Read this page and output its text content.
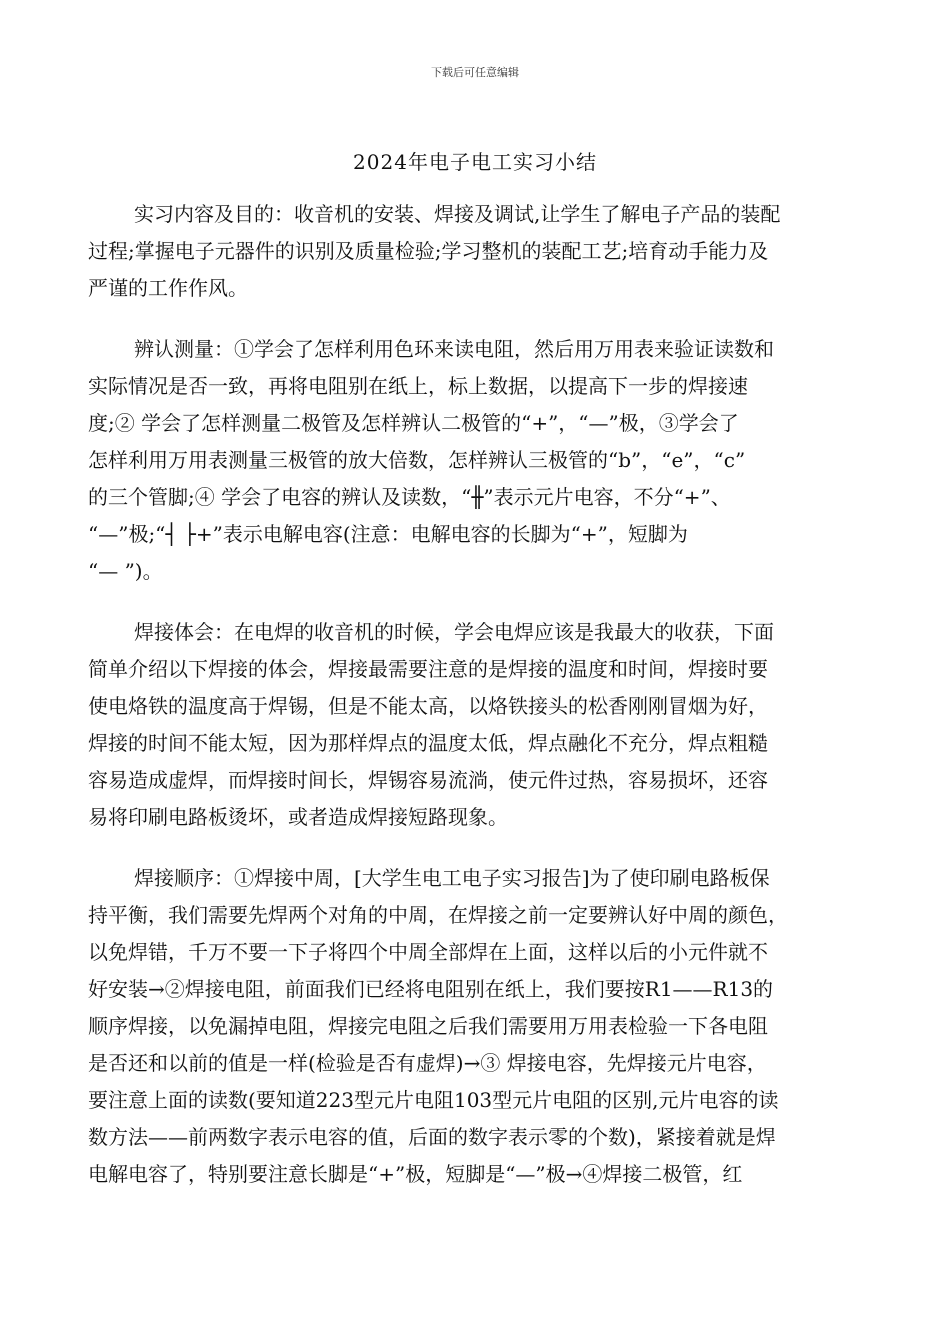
下载后可任意编辑
2024年电子电工实习小结
实习内容及目的：收音机的安装、焊接及调试,让学生了解电子产品的装配
过程;掌握电子元器件的识别及质量检验;学习整机的装配工艺;培育动手能力及
严谨的工作作风。
辨认测量：①学会了怎样利用色环来读电阻，然后用万用表来验证读数和
实际情况是否一致，再将电阻别在纸上，标上数据，以提高下一步的焊接速
度;② 学会了怎样测量二极管及怎样辨认二极管的“+”，“—”极，③学会了
怎样利用万用表测量三极管的放大倍数，怎样辨认三极管的“b”，“e”，“c”
的三个管脚;④ 学会了电容的辨认及读数，“╫”表示元片电容，不分“+”、
“—”极;“┤ ├+”表示电解电容(注意：电解电容的长脚为“+”，短脚为
“— ”)。
焊接体会：在电焊的收音机的时候，学会电焊应该是我最大的收获，下面
简单介绍以下焊接的体会，焊接最需要注意的是焊接的温度和时间，焊接时要
使电烙铁的温度高于焊锡，但是不能太高，以烙铁接头的松香刚刚冒烟为好，
焊接的时间不能太短，因为那样焊点的温度太低，焊点融化不充分，焊点粗糙
容易造成虚焊，而焊接时间长，焊锡容易流淌，使元件过热，容易损坏，还容
易将印刷电路板烫坏，或者造成焊接短路现象。
焊接顺序：①焊接中周，[大学生电工电子实习报告]为了使印刷电路板保
持平衡，我们需要先焊两个对角的中周，在焊接之前一定要辨认好中周的颜色，
以免焊错，千万不要一下子将四个中周全部焊在上面，这样以后的小元件就不
好安装→②焊接电阻，前面我们已经将电阻别在纸上，我们要按R1——R13的
顺序焊接，以免漏掉电阻，焊接完电阻之后我们需要用万用表检验一下各电阻
是否还和以前的值是一样(检验是否有虚焊)→③ 焊接电容，先焊接元片电容，
要注意上面的读数(要知道223型元片电阻103型元片电阻的区别,元片电容的读
数方法——前两数字表示电容的值，后面的数字表示零的个数)，紧接着就是焊
电解电容了，特别要注意长脚是“+”极，短脚是“—”极→④焊接二极管，红
